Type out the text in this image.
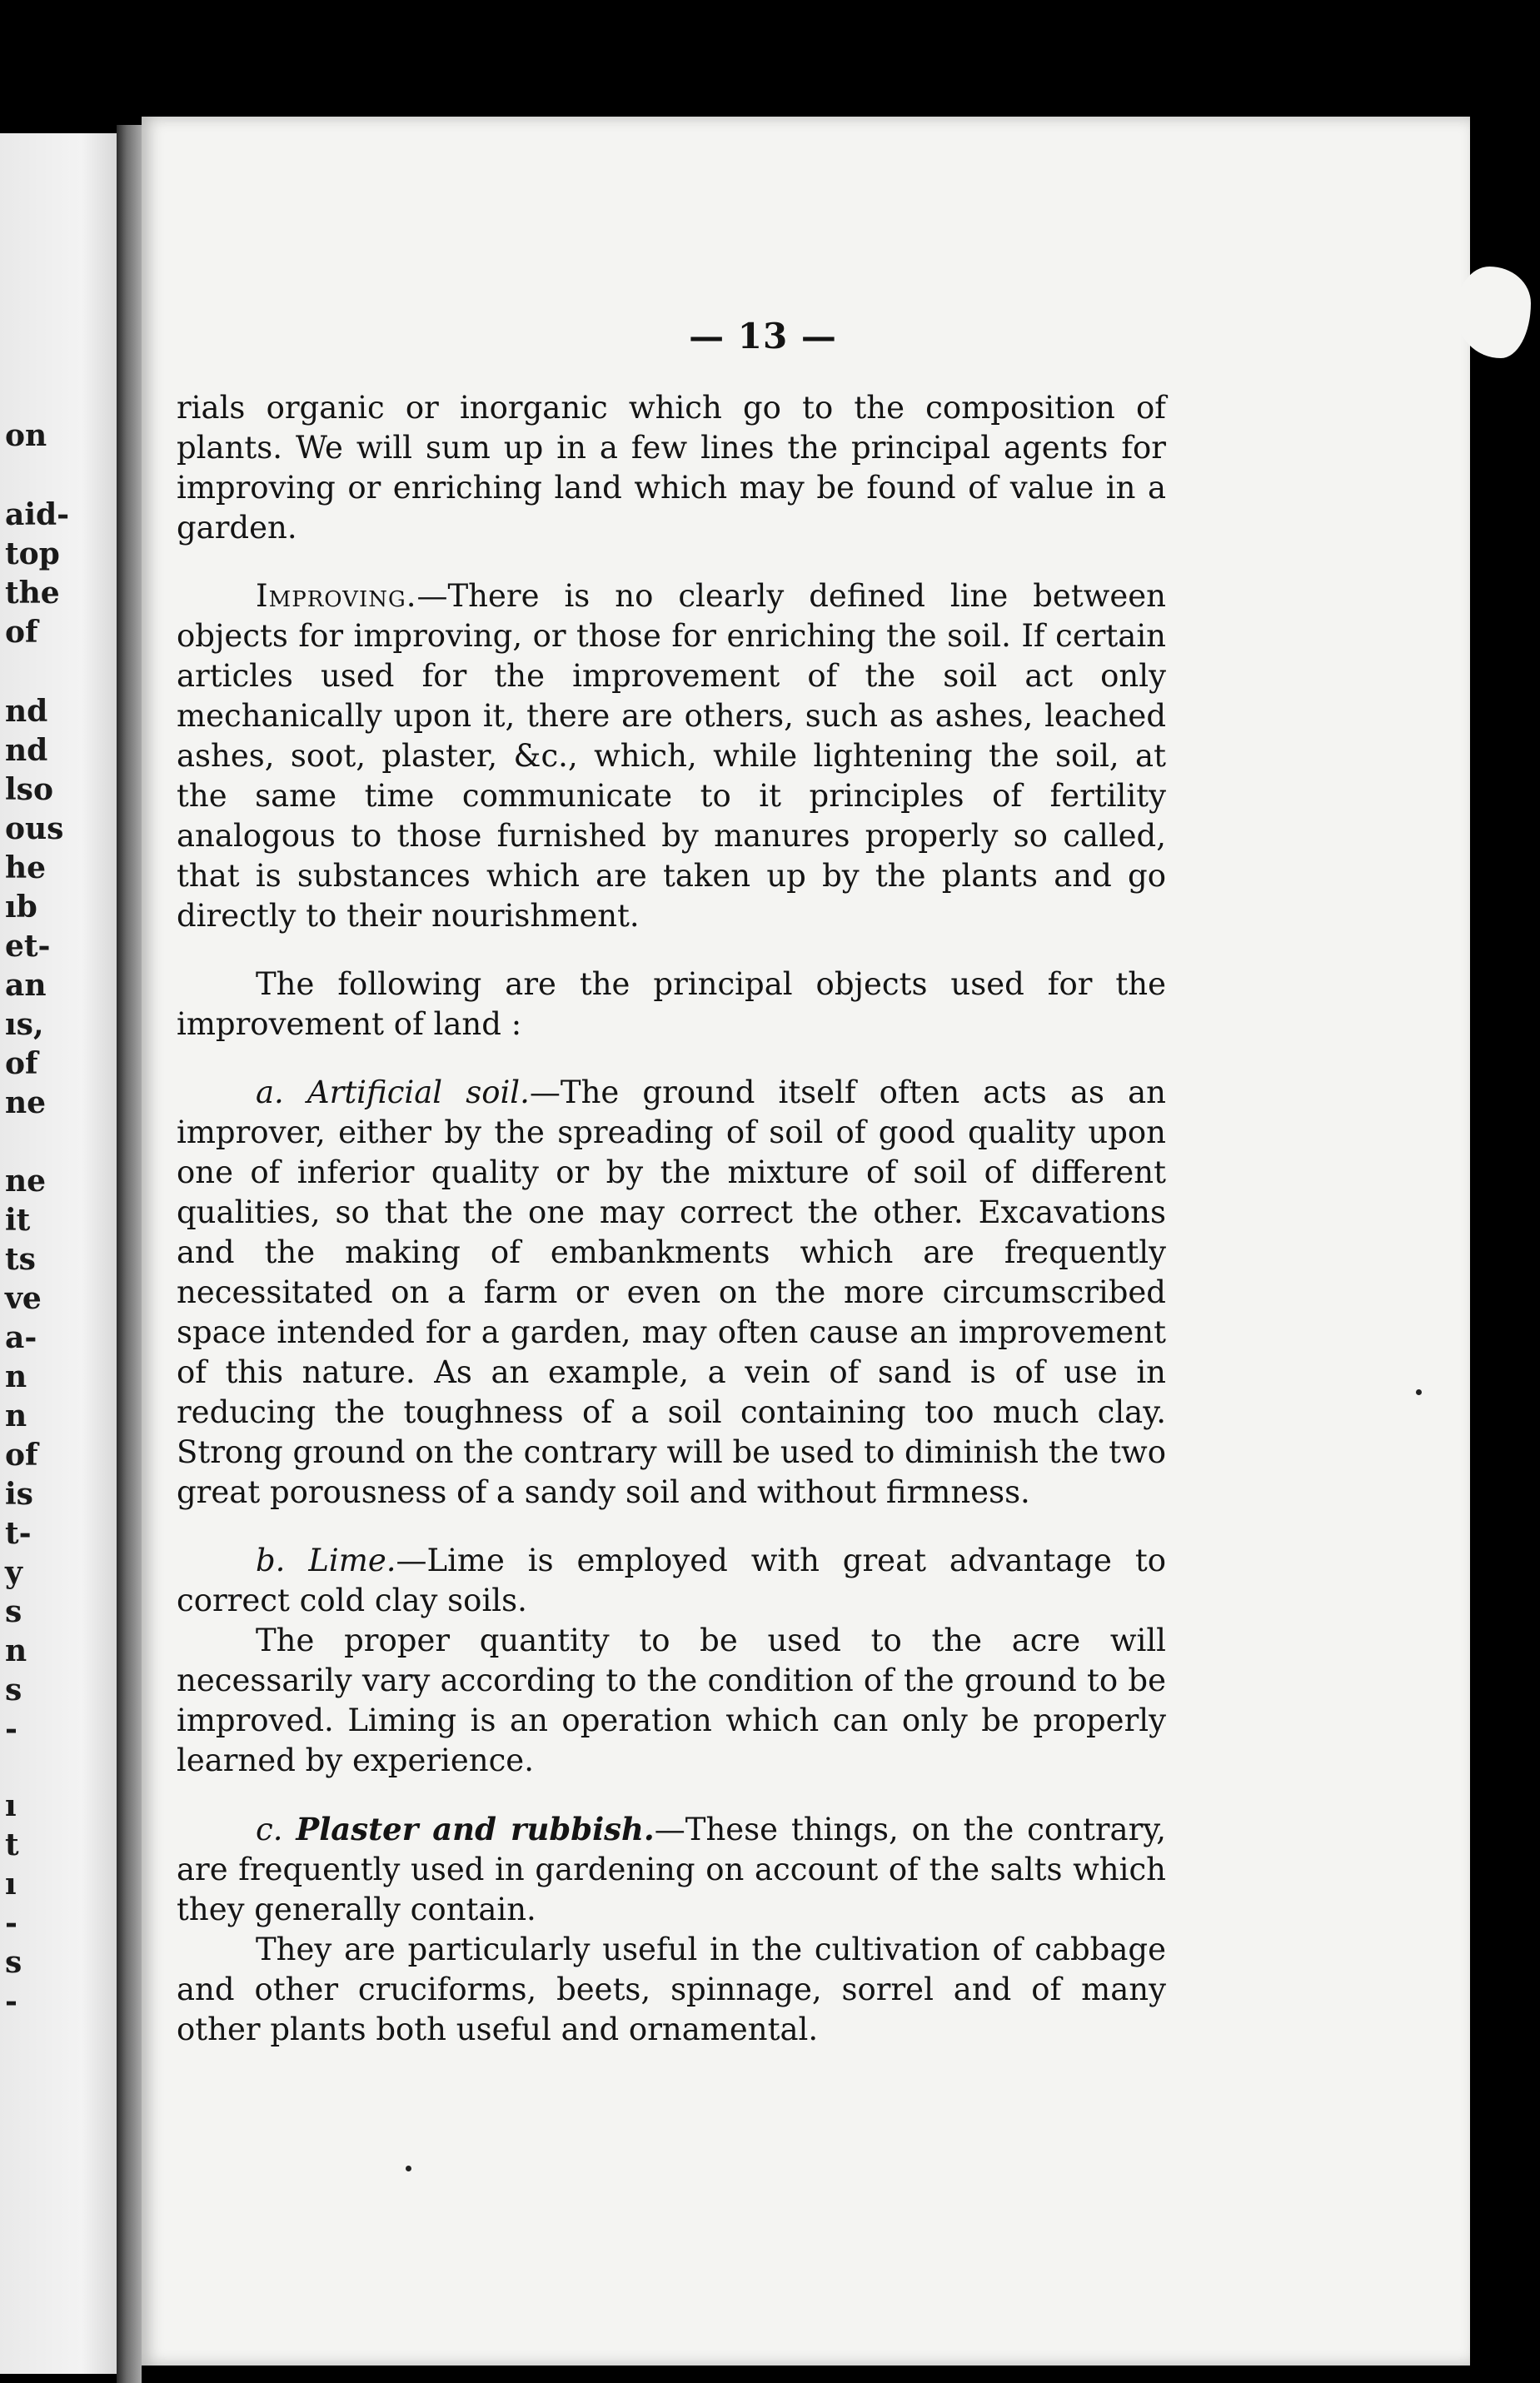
on
aid-
top
the
of
nd
nd
lso
ous
he
ıb
et-
an
ıs,
of
ne
ne
it
ts
ve
a-
n
n
of
is
t-
y
s
n
s
-
ı
t
ı
-
s
-
— 13 —

rials organic or inorganic which go to the composition of plants. We will sum up in a few lines the principal agents for improving or enriching land which may be found of value in a garden.

Improving.—There is no clearly defined line between objects for improving, or those for enriching the soil. If certain articles used for the improvement of the soil act only mechanically upon it, there are others, such as ashes, leached ashes, soot, plaster, &c., which, while lightening the soil, at the same time communicate to it principles of fertility analogous to those furnished by manures properly so called, that is substances which are taken up by the plants and go directly to their nourishment.

The following are the principal objects used for the improvement of land :

a. Artificial soil.—The ground itself often acts as an improver, either by the spreading of soil of good quality upon one of inferior quality or by the mixture of soil of different qualities, so that the one may correct the other. Excavations and the making of embankments which are frequently necessitated on a farm or even on the more circumscribed space intended for a garden, may often cause an improvement of this nature. As an example, a vein of sand is of use in reducing the toughness of a soil containing too much clay. Strong ground on the contrary will be used to diminish the two great porousness of a sandy soil and without firmness.

b. Lime.—Lime is employed with great advantage to correct cold clay soils.

The proper quantity to be used to the acre will necessarily vary according to the condition of the ground to be improved. Liming is an operation which can only be properly learned by experience.

c. Plaster and rubbish.—These things, on the contrary, are frequently used in gardening on account of the salts which they generally contain.

They are particularly useful in the cultivation of cabbage and other cruciforms, beets, spinnage, sorrel and of many other plants both useful and ornamental.
